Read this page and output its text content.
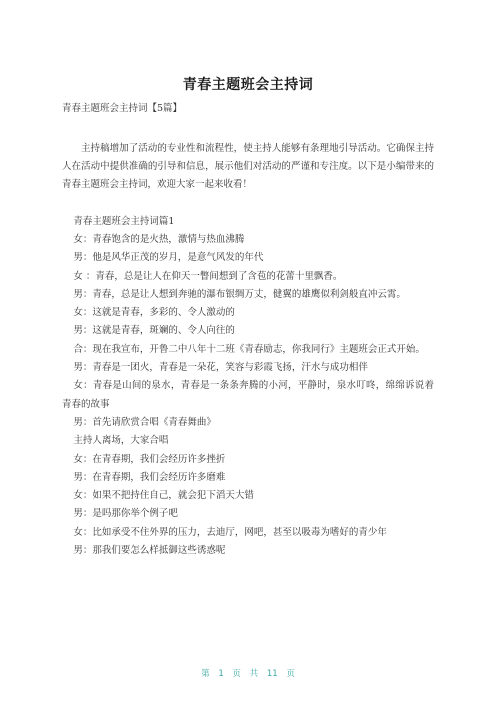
青春主题班会主持词
青春主题班会主持词【5篇】
主持稿增加了活动的专业性和流程性，使主持人能够有条理地引导活动。它确保主持人在活动中提供准确的引导和信息，展示他们对活动的严谨和专注度。以下是小编带来的青春主题班会主持词，欢迎大家一起来收看！
青春主题班会主持词篇1

女：青春饱含的是火热，激情与热血沸腾

男：他是风华正茂的岁月，是意气风发的年代

女 ：青春，总是让人在仰天一瞥间想到了含苞的花蕾十里飘香。

男：青春，总是让人想到奔驰的瀑布银绸万丈，健翼的雄鹰似利剑般直冲云霄。

女：这就是青春，多彩的、令人激动的

男：这就是青春，斑斓的、令人向往的

合：现在我宣布，开鲁二中八年十二班《青春励志，你我同行》主题班会正式开始。

男：青春是一团火，青春是一朵花，笑容与彩霞飞扬，汗水与成功相伴

女：青春是山间的泉水，青春是一条条奔腾的小河，平静时，泉水叮咚，绵绵诉说着青春的故事

男：首先请欣赏合唱《青春舞曲》

主持人离场，大家合唱

女：在青春期，我们会经历许多挫折

男：在青春期，我们会经历许多磨难

女：如果不把持住自己，就会犯下滔天大错

男：是吗那你举个例子吧

女：比如承受不住外界的压力，去迪厅，网吧，甚至以吸毒为嗜好的青少年

男：那我们要怎么样抵御这些诱惑呢

第 1 页 共 11 页
